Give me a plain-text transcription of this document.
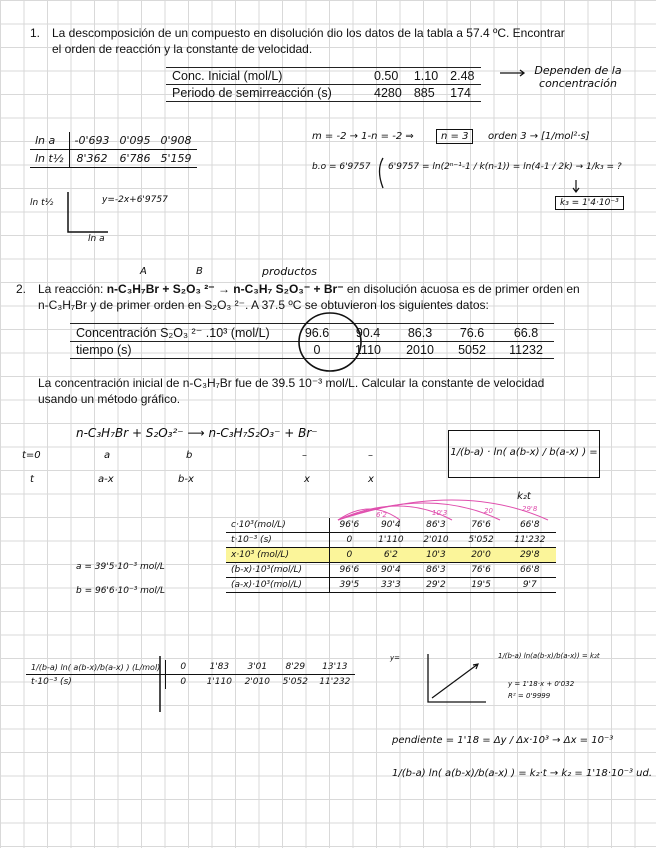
1. La descomposición de un compuesto en disolución dio los datos de la tabla a 57.4 ºC. Encontrar
el orden de reacción y la constante de velocidad.
Conc. Inicial (mol/L)	0.50	1.10	2.48
Periodo de semirreacción (s)	4280	885	174
Dependen de la concentración
ln a	-0'693	0'095	0'908
ln t½	8'362	6'786	5'159
ln t½
ln a
y=-2x+6'9757
m = -2 → 1-n = -2 ⇒	n = 3	orden 3 → [1/mol²·s]
b.o = 6'9757 6'9757 = ln(2ⁿ⁻¹-1 / k(n-1)) = ln(4-1 / 2k) → 1/k₃ = ?
k₃ = 1'4·10⁻³
A	B	productos
2. La reacción: n-C₃H₇Br + S₂O₃ ²⁻ → n-C₃H₇ S₂O₃⁻ + Br⁻ en disolución acuosa es de primer orden en
n-C₃H₇Br y de primer orden en S₂O₃ ²⁻. A 37.5 ºC se obtuvieron los siguientes datos:
Concentración S₂O₃ ²⁻ .10³ (mol/L)	96.6	90.4	86.3	76.6	66.8
tiempo (s)	0	1110	2010	5052	11232
La concentración inicial de n-C₃H₇Br fue de 39.5 10⁻³ mol/L. Calcular la constante de velocidad
usando un método gráfico.
n-C₃H₇Br + S₂O₃²⁻ ⟶ n-C₃H₇S₂O₃⁻ + Br⁻
t=0	a	b	–	–
t	a-x	b-x	x	x
1/(b-a) · ln( a(b-x) / b(a-x) ) = k₂t
a = 39'5·10⁻³ mol/L
b = 96'6·10⁻³ mol/L
6'2	10'3	20	29'8
c·10³(mol/L)	96'6	90'4	86'3	76'6	66'8
t·10⁻³ (s)	0	1'110	2'010	5'052	11'232
x·10³ (mol/L)	0	6'2	10'3	20'0	29'8
(b-x)·10³(mol/L)	96'6	90'4	86'3	76'6	66'8
(a-x)·10³(mol/L)	39'5	33'3	29'2	19'5	9'7
1/(b-a) ln( a(b-x)/b(a-x) ) (L/mol)	0	1'83	3'01	8'29	13'13
t·10⁻³ (s)	0	1'110	2'010	5'052	11'232
y=	1/(b-a) ln(a(b-x)/b(a-x)) = k₂t
y = 1'18·x + 0'032
R² = 0'9999
pendiente = 1'18 = Δy / Δx·10³ → Δx = 10⁻³
1/(b-a) ln( a(b-x)/b(a-x) ) = k₂·t → k₂ = 1'18·10⁻³ ud.
